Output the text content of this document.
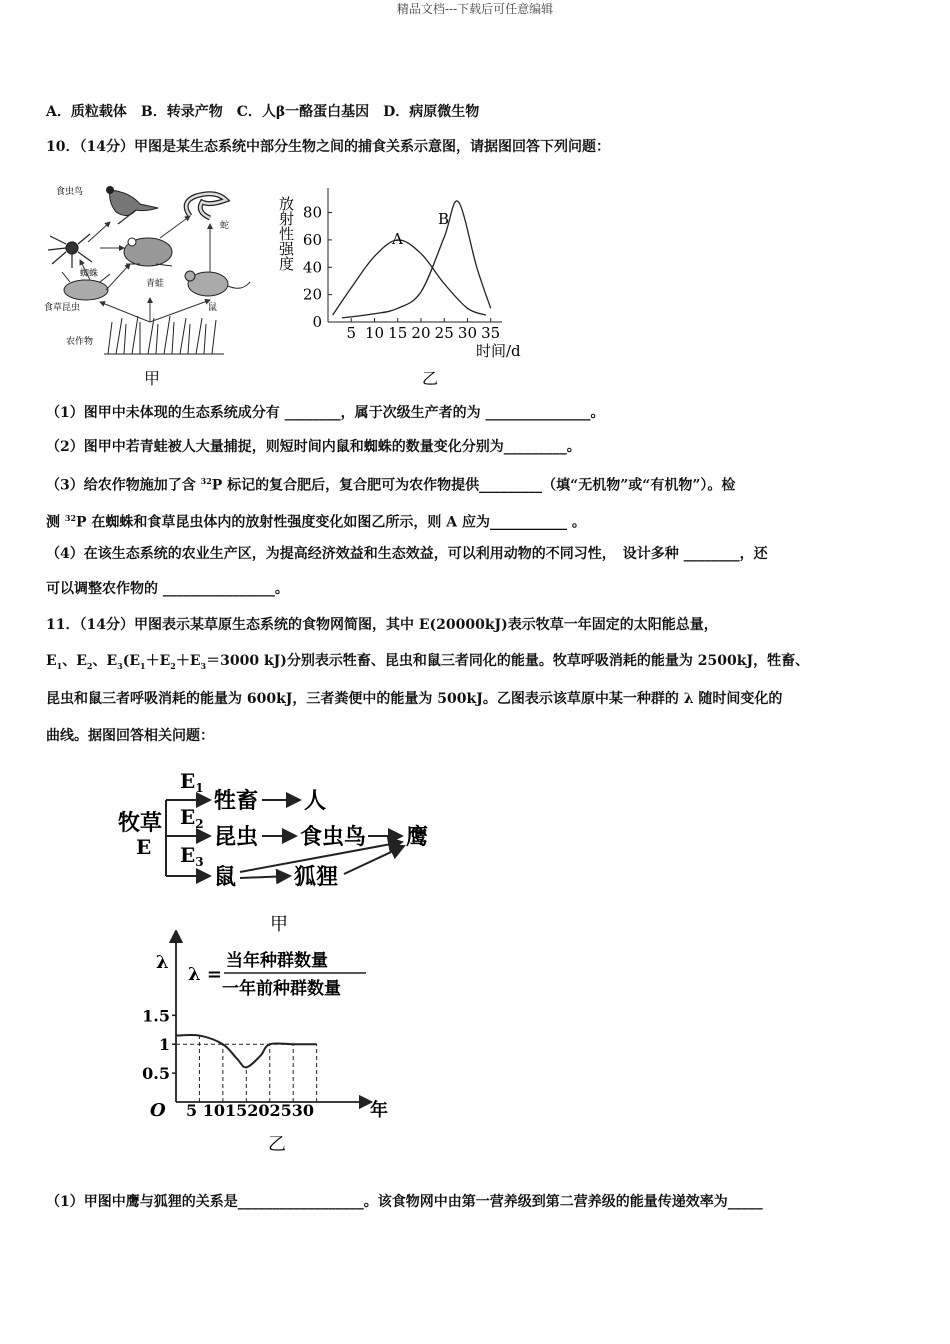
精品文档---下载后可任意编辑
A．质粒载体　B．转录产物　C．人β一酪蛋白基因　D．病原微生物
10．（14分）甲图是某生态系统中部分生物之间的捕食关系示意图，请据图回答下列问题：
食虫鸟
蛇
蜘蛛
青蛙
食草昆虫	鼠
农作物
甲
放射性强度
5 10 15 20 25 30 35
0
20
40
60
80
A
B
时间/d
乙
（1）图甲中未体现的生态系统成分有 ________，属于次级生产者的为 _______________。
（2）图甲中若青蛙被人大量捕捉，则短时间内鼠和蜘蛛的数量变化分别为_________。
（3）给农作物施加了含 $^{32}$P 标记的复合肥后，复合肥可为农作物提供_________（填“无机物”或“有机物”）。检
测 $^{32}$P 在蜘蛛和食草昆虫体内的放射性强度变化如图乙所示，则 A 应为___________ 。
（4）在该生态系统的农业生产区，为提高经济效益和生态效益，可以利用动物的不同习性，　设计多种 ________，还
可以调整农作物的 ________________。
11．（14分）甲图表示某草原生态系统的食物网简图，其中 E(20000kJ)表示牧草一年固定的太阳能总量，
$E_1$、$E_2$、$E_3(E_1+E_2+E_3=3000$ kJ)分别表示牲畜、昆虫和鼠三者同化的能量。牧草呼吸消耗的能量为 2500kJ，牲畜、
昆虫和鼠三者呼吸消耗的能量为 600kJ，三者粪便中的能量为 500kJ。乙图表示该草原中某一种群的 λ 随时间变化的
曲线。据图回答相关问题：
牧草
E
$E_1$
$E_2$
$E_3$
牲畜 人
昆虫 食虫鸟 鹰
鼠	狐狸
甲
λ
λ =
当年种群数量
一年前种群数量
0.5
1
1.5
O 5 1015202530	年
乙
（1）甲图中鹰与狐狸的关系是__________________。该食物网中由第一营养级到第二营养级的能量传递效率为_____
